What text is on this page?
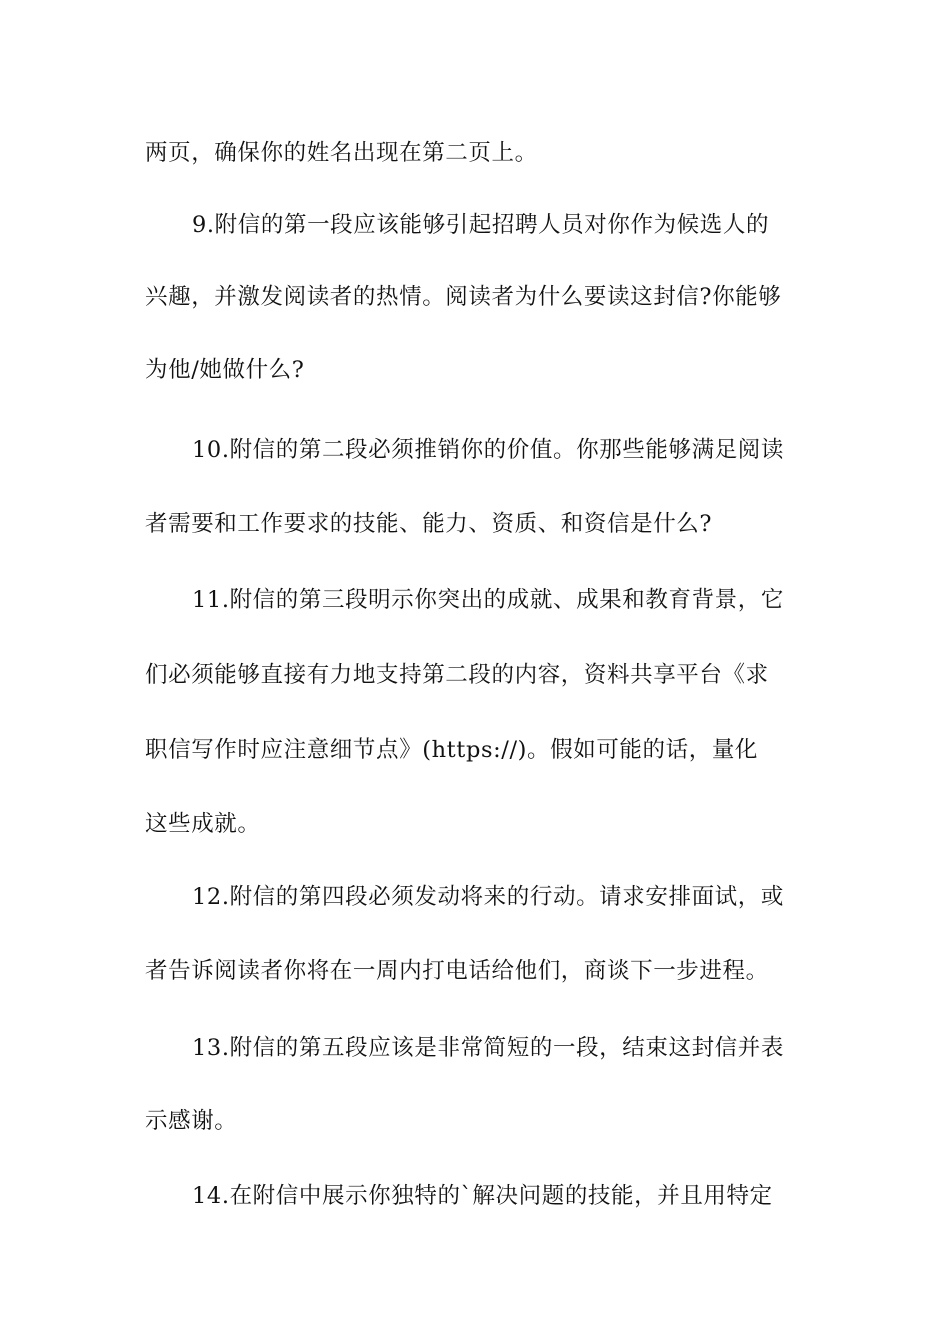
两页，确保你的姓名出现在第二页上。
9.附信的第一段应该能够引起招聘人员对你作为候选人的
兴趣，并激发阅读者的热情。阅读者为什么要读这封信?你能够
为他/她做什么?
10.附信的第二段必须推销你的价值。你那些能够满足阅读
者需要和工作要求的技能、能力、资质、和资信是什么?
11.附信的第三段明示你突出的成就、成果和教育背景，它
们必须能够直接有力地支持第二段的内容，资料共享平台《求
职信写作时应注意细节点》(https://)。假如可能的话，量化
这些成就。
12.附信的第四段必须发动将来的行动。请求安排面试，或
者告诉阅读者你将在一周内打电话给他们，商谈下一步进程。
13.附信的第五段应该是非常简短的一段，结束这封信并表
示感谢。
14.在附信中展示你独特的`解决问题的技能，并且用特定
